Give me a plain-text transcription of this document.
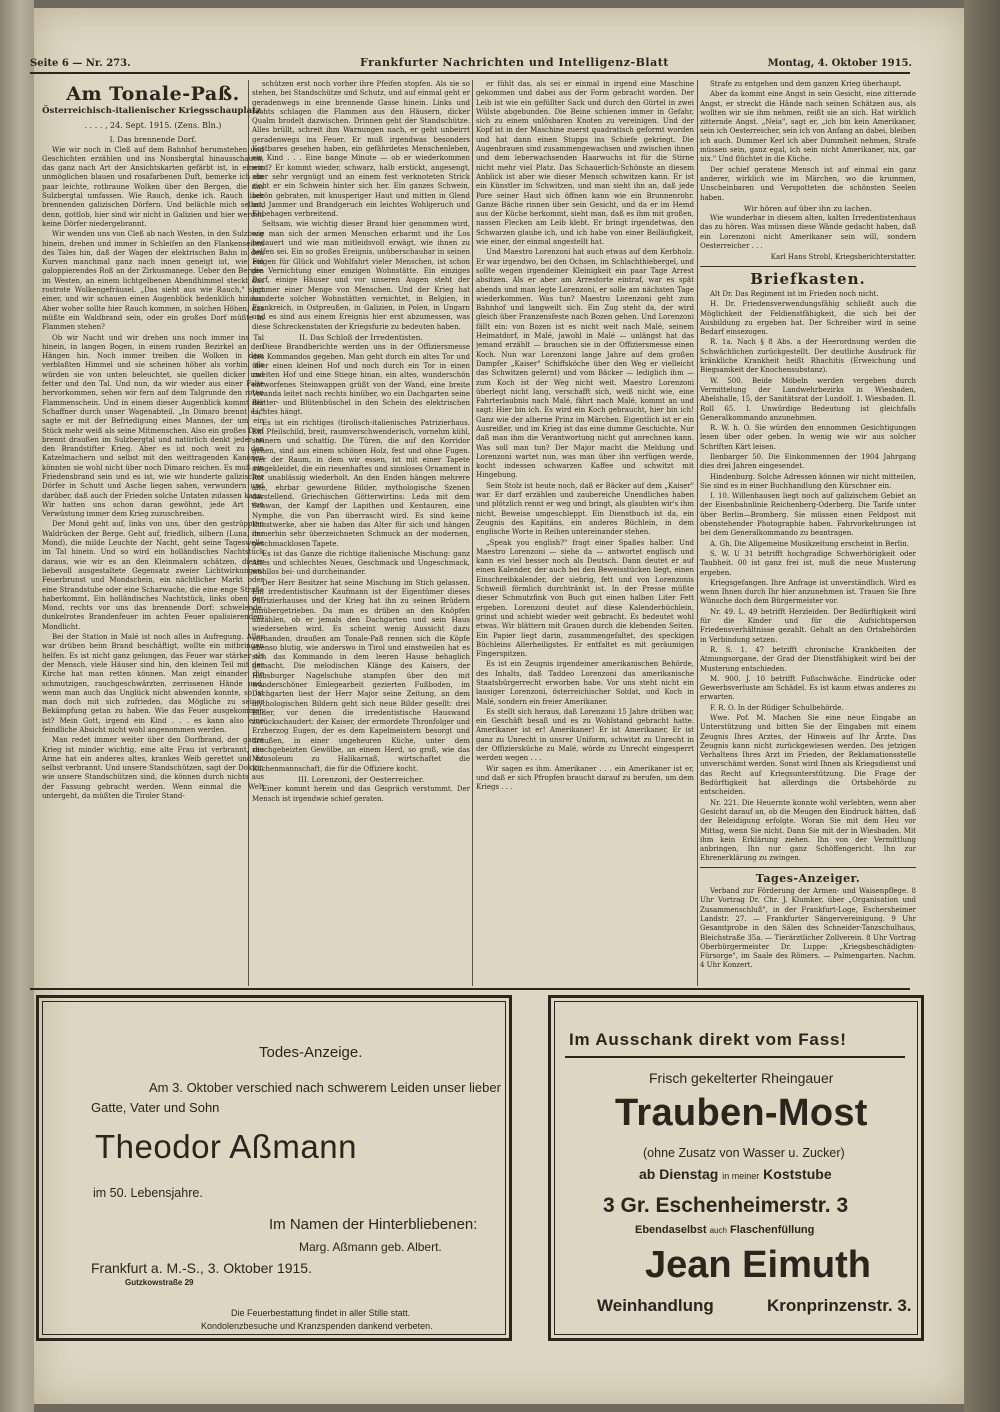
Seite 6 — Nr. 273.	Frankfurter Nachrichten und Intelligenz-Blatt	Montag, 4. Oktober 1915.
Am Tonale-Paß.
Österreichisch-italienischer Kriegsschauplatz.
. . . . , 24. Sept. 1915. (Zens. Bln.)

I. Das brennende Dorf.

Wie wir noch in Cleß auf dem Bahnhof herumstehen und Geschichten erzählen und ins Nonsbergtal hinausschauen, das ganz nach Art der Ansichtskarten gefärbt ist, in einem unmöglichen blauen und rosafarbenen Duft, bemerke ich ein paar leichte, rotbraune Wolken über den Bergen, die das Sulzbergtal umfassen. Wie Rauch, denke ich. Rauch über brennenden galizischen Dörfern. Und belächle mich selbst, denn, gottlob, hier sind wir nicht in Galizien und hier werden keine Dörfer niedergebrannt.

Wir wenden uns von Cleß ab nach Westen, in den Sulzberg hinein, drehen und immer in Schleifen an den Flankenseiten des Tales hin, daß der Wagen der elektrischen Bahn in den Kurven manchmal ganz nach innen geneigt ist, wie ein galoppierendes Roß an der Zirkusmanege. Ueber den Bergen im Westen, an einem lichtgelbenen Abendhimmel steckt das rostrote Wolkengefräusel. „Das sieht aus wie Rauch," sagt einer, und wir schauen einen Augenblick bedenklich hinaus. Aber woher sollte hier Rauch kommen, in solchen Höhen, das müßte ein Waldbrand sein, oder ein großes Dorf müßte in Flammen stehen?

Ob wir Nacht und wir drehen uns noch immer ins Tal hinein, in langen Bogen, in einem runden Bezirkel an den Hängen hin. Noch immer treiben die Wolken in dem verblaßten Himmel und sie scheinen höher als vorhin, als würden sie von unten beleuchtet, sie quellen dicker und fetter und den Tal. Und nun, da wir wieder aus einer Falte hervorkommen, sehen wir fern auf dem Talgrunde den roten Flammenschein. Und in einem dieser Augenblick kommt der Schaffner durch unser Wagenabteil. „In Dimaro brennt es," sagte er mit der Befriedigung eines Mannes, der um ein Stück mehr weiß als seine Mitmenschen. Also ein großes Dorf brennt draußen im Sulzbergtal und natürlich denkt jeder an den Brandstifter Krieg. Aber es ist noch weit zu den Katzelmachern und selbst mit den weittragenden Kanonen könnten sie wohl nicht über noch Dimaro reichen. Es muß ein Friedensbrand sein und es ist, wie wir hunderte galizischer Dörfer in Schutt und Asche liegen sahen, verwundern und darüber, daß auch der Frieden solche Untaten zulassen kann. Wir hatten uns schon daran gewöhnt, jede Art von Verwüstung immer dem Krieg zuzuschreiben.

Der Mond geht auf, links von uns, über den gestrüppten Waldrücken der Berge. Geht auf, friedlich, silbern (Luna, der Mond), die milde Leuchte der Nacht, geht seine Tageswelle im Tal hinein. Und so wird ein holländisches Nachtstück daraus, wie wir es an den Kleinmalern schätzen, dieser liebevoll ausgestaltete Gegensatz zweier Lichtwirkungen: Feuerbrunst und Mondschein, ein nächtlicher Markt oder eine Strandstube oder eine Scharwache, die eine enge Straße haberkommt. Ein holländisches Nachtstück, links oben der Mond, rechts vor uns das brennende Dorf: schwelende, dunkelrotes Brandenfeuer im achten Feuer opalisierendem Mondlicht.

Bei der Station in Malé ist noch alles in Aufregung. Alles war drüben beim Brand beschäftigt, wollte ein mitbringen helfen. Es ist nicht ganz gelungen, das Feuer war stärker als der Mensch, viele Häuser sind hin, den kleinen Teil mit der Kirche hat man retten können. Man zeigt einander die schmutzigen, rauchgeschwärzten, zerrissenen Hände und, wenn man auch das Unglück nicht abwenden konnte, so ist man doch mit sich zufrieden, das Mögliche zu seiner Bekämpfung getan zu haben. Wie das Feuer ausgekommen ist? Mein Gott, irgend ein Kind . . . es kann also eine feindliche Absicht nicht wohl angenommen werden.

Man redet immer weiter über den Dorfbrand, der ganze Krieg ist minder wichtig, eine alte Frau ist verbrannt, die Arme hat ein anderes altes, krankes Weib gerettet und ist selbst verbrannt. Und unsere Standschützen, sagt der Doktor, wie unsere Standschützen sind, die können durch nichts aus der Fassung gebracht werden. Wenn einmal die Welt untergeht, da müßten die Tiroler Stand-

schützen erst noch vorher ihre Pfeifen stopfen. Als sie so stehen, bei Standschütze und Schutz, und auf einmal geht er geradenwegs in eine brennende Gasse hinein. Links und rechts schlagen die Flammen aus den Häusern, dicker Qualm brodelt dazwischen. Drinnen geht der Standschütze. Alles brüllt, schreit ihm Warnungen nach, er geht unbeirrt geradenwegs ins Feuer. Er muß irgendwas besonders Kostbares gesehen haben, ein gefährdetes Menschenleben, ein Kind . . . Eine bange Minute — ob er wiederkommen wird? Er kommt wieder, schwarz, halb erstickt, angesengt, aber sehr vergnügt und an einem fest verknoteten Strick zieht er ein Schwein hinter sich her. Ein ganzes Schwein, schön gebraten, mit knusperiger Haut und mitten in Glend und Jammer und Brandgeruch ein leichtes Wohlgeruch und Ehbehagen verbreitend.

Seltsam, wie wichtig dieser Brand hier genommen wird, wie man sich der armen Menschen erbarmt und ihr Los bedauert und wie man mitleidsvoll erwägt, wie ihnen zu helfen sei. Ein so großes Ereignis, unüberschaubar in seinen Folgen für Glück und Wohlfahrt vieler Menschen, ist schon die Vernichtung einer einzigen Wohnstätte. Ein einziges Dorf, einige Häuser und vor unseren Augen steht der Jammer einer Menge von Menschen. Und der Krieg hat hunderte solcher Wohnstätten vernichtet, in Belgien, in Frankreich, in Ostpreußen, in Galizien, in Polen, in Ungarn und es sind aus einem Ereignis hier erst abzumessen, was diese Schreckenstaten der Kriegsfurie zu bedeuten haben.

II. Das Schloß der Irredentisten.

Diese Brandberichte werden uns in der Offiziersmesse des Kommandos gegeben. Man geht durch ein altes Tor und über einen kleinen Hof und noch durch ein Tor in einen zweiten Hof und eine Stiege hinan, ein altes, wunderschön entworfenes Steinwappen grüßt von der Wand, eine breite Veranda leitet nach rechts hinüber, wo ein Dachgarten seine Blätter- und Blütenbüschel in den Schein des elektrischen Lichtes hängt.

Es ist ein richtiges (tirolisch-italienisches Patrizierhaus. Ein Pfeilschild, breit, raumverschwenderisch, vornehm kühl, steinern und schattig. Die Türen, die auf den Korridor gehen, sind aus einem schönen Holz, fest und ohne Fugen. Wer der Raum, in dem wir essen, ist mit einer Tapete ausgekleidet, die ein riesenhaftes und sinnloses Ornament in Rot unablässig wiederholt. An den Enden hängen mehrere alte, ehrbar gewordene Bilder, mythologische Szenen darstellend. Griechischen Götterwirtins: Leda mit dem Schwan, der Kampf der Lapithen und Kentauren, eine Nymphe, die von Pan überrascht wird. Es sind keine Kunstwerke, aber sie haben das Alter für sich und hängen immerhin sehr überzeichneten Schmuck an der modernen, geschmacklosen Tapete.

Es ist das Ganze die richtige italienische Mischung: ganz Altes und schlechtes Neues, Geschmack und Ungeschmack, wohllos bei- und durcheinander.

Der Herr Besitzer hat seine Mischung im Stich gelassen. Ein irredentistischer Kaufmann ist der Eigentümer dieses Patrizierhauses und der Krieg hat ihn zu seinen Brüdern hinübergetrieben. Da man es drüben an den Knöpfen abzählen, ob er jemals den Dachgarten und sein Haus wiedersehen wird. Es scheint wenig Aussicht dazu vorhanden, draußen am Tonale-Paß rennen sich die Köpfe ebenso blutig, wie anderswo in Tirol und einstweilen hat es sich das Kommando in dem leeren Hause behaglich gemacht. Die melodischen Klänge des Kaisers, der Habsburger Nagelschuhe stampfen über den mit wunderschöner Einlegearbeit gezierten Fußboden, im Dachgarten liest der Herr Major seine Zeitung, an dem mythologischen Bildern geht sich neue Bilder gesellt: drei Bilder, vor denen die irredentistische Hauswand zurückschaudert: der Kaiser, der ermordete Thronfolger und Erzherzog Eugen, der es dem Kapelmeistern besorgt und draußen, in einer ungeheuren Küche, unter dem rauchgebeizten Gewölbe, an einem Herd, so groß, wie das Mausoleum zu Halikarnaß, wirtschaftet die Küchenmannschaft, die für die Offiziere kocht.

III. Lorenzoni, der Oesterreicher.

Einer kommt herein und das Gespräch verstummt. Der Mensch ist irgendwie schief geraten.

er fühlt das, als sei er einmal in irgend eine Maschine gekommen und dabei aus der Form gebracht worden. Der Leib ist wie ein gefüllter Sack und durch den Gürtel in zwei Wülste abgebunden. Die Beine schienen immer in Gefahr, sich zu einem unlösbaren Knoten zu vereinigen. Und der Kopf ist in der Maschine zuerst quadratisch geformt worden und hat dann einen Stupps ins Schiefe gekriegt. Die Augenbrauen sind zusammengewachsen und zwischen ihnen und dem leberwachsenden Haarwuchs ist für die Stirne nicht mehr viel Platz. Das Schauerlich-Schönste an diesem Anblick ist aber wie dieser Mensch schwitzen kann. Er ist ein Künstler im Schwitzen, und man sieht ihn an, daß jede Pore seiner Haut sich öffnen kann wie ein Brunnenrohr. Ganze Bäche rinnen über sein Gesicht, und da er im Hemd aus der Küche herkommt, sieht man, daß es ihm mit großen, nassen Flecken am Leib klebt. Er bringt irgendetwas, den Schwarzen glaube ich, und ich habe von einer Beiläufigkeit, wie einer, der einmal angestellt hat.

Und Maestro Lorenzoni hat auch etwas auf dem Kerbholz. Er war irgendwo, bei den Ochsen, im Schlachthiebergel, und sollte wegen irgendeiner Kleinigkeit ein paar Tage Arrest absitzen. Als er aber am Arrestorte eintraf, war es spät abends und man legte Lorenzoni, er solle am nächsten Tage wiederkommen. Was tun? Maestro Lorenzoni geht zum Bahnhof und langweilt sich. Ein Zug steht da, der wird gleich über Franzensfeste nach Bozen gehen. Und Lorenzoni fällt ein: von Bozen ist es nicht weit nach Malé, seinem Heimatdorf, in Malé, jawohl in Malé — unlängst hat das jemand erzählt — brauchen sie in der Offiziersmesse einen Koch. Nun war Lorenzoni lange Jahre auf dem großen Dampfer „Kaiser" Schiffsköche über den Weg er vielleicht das Schwitzen gelernt) und vom Bäcker — lediglich ihm — zum Koch ist der Weg nicht weit. Maestro Lorenzoni überlegt nicht lang, verschafft sich, weiß nicht wie, eine Fahrterlaubnis nach Malé, fährt nach Malé, kommt an und sagt: Hier bin ich. Es wird ein Koch gebraucht, hier bin ich! Ganz wie der alberne Prinz im Märchen. Eigentlich ist er ein Ausreißer, und im Krieg ist das eine dumme Geschichte. Nur daß man ihm die Verantwortung nicht gut anrechnen kann. Was soll man tun? Der Major macht die Meldung und Lorenzoni wartet nun, was man über ihn verfügen werde, kocht indessen schwarzen Kaffee und schwitzt mit Hingebung.

Sein Stolz ist heute noch, daß er Bäcker auf dem „Kaiser" war. Er darf erzählen und zaubereiche Unendliches haben und plötzlich rennt er weg und bringt, als glaubten wir's ihm nicht, Beweise umgeschleppt. Ein Dienstbuch ist da, ein Zeugnis des Kapitäns, ein anderes Büchlein, in dem englische Worte in Reihen untereinander stehen.

„Speak you english?" fragt einer Spaßes halber. Und Maestro Lorenzoni — siehe da — antwortet englisch und kann es viel besser noch als Deutsch. Dann deutet er auf einen Kalender, der auch bei den Beweisstücken liegt, einen Einschreibkalender, der siebrig, fett und von Lorenzonis Schweiß förmlich durchtränkt ist. In der Presse müßte dieser Schmutzfink von Buch gut einen halben Liter Fett ergeben. Lorenzoni deutet auf diese Kalenderbüchlein, grinst und schiebt wieder weit gebracht. Es bedeutet wohl etwas. Wir blättern mit Grauen durch die klebenden Seiten. Ein Papier liegt darin, zusammengefaltet, des speckigen Büchleins Allerheiligstes. Er entfaltet es mit geräumigen Fingerspitzen.

Es ist ein Zeugnis irgendeiner amerikanischen Behörde, des Inhalts, daß Taddeo Lorenzoni das amerikanische Staatsbürgerrecht erworben habe. Vor uns steht nicht ein lausiger Lorenzoni, österreichischer Soldat, und Koch in Malé, sondern ein freier Amerikaner.

Es stellt sich heraus, daß Lorenzoni 15 Jahre drüben war, ein Geschäft besaß und es zu Wohlstand gebracht hatte. Amerikaner ist er! Amerikaner! Er ist Amerikaner, Er ist ganz zu Unrecht in unsrer Uniform, schwitzt zu Unrecht in der Offiziersküche zu Malé, würde zu Unrecht eingesperrt werden wegen . . .

Wir sagen es ihm. Amerikaner . . . ein Amerikaner ist er, und daß er sich Pfropfen braucht darauf zu berufen, um dem Kriegs . . .

Strafe zu entgehen und dem ganzen Krieg überhaupt.

Aber da kommt eine Angst in sein Gesicht, eine zitternde Angst, er streckt die Hände nach seinen Schätzen aus, als wollten wir sie ihm nehmen, reißt sie an sich. Hat wirklich zitternde Angst. „Neia", sagt er, „ich bin kein Amerikaner, sein ich Oesterreicher, sein ich von Anfang an dabei, bleiben ich auch. Dummer Kerl ich aber Dummheit nehmen, Strafe müssen sein, ganz egal, ich sein nicht Amerikaner, nix, gar nix." Und flüchtet in die Küche.

Der schief geratene Mensch ist auf einmal ein ganz anderer, wirklich wie im Märchen, wo die krummen, Unscheinbaren und Verspotteten die schönsten Seelen haben.

Wir hören auf über ihn zu lachen.

Wie wunderbar in diesem alten, kalten Irredentistenhaus das zu hören. Was müssen diese Wände gedacht haben, daß ein Lorenzoni nicht Amerikaner sein will, sondern Oesterreicher . . .

Karl Hans Strobl, Kriegsberichterstatter.
Briefkasten.

Alt Dr. Das Regiment ist im Frieden noch nicht.

H. Dr. Friedensverwendungsfähig schließt auch die Möglichkeit der Feldienstfähigkeit, die sich bei der Ausbildung zu ergeben hat. Der Schreiber wird in seine Bedarf einsezogen.

R. 1a. Nach § 8 Abs. a der Heerordnung werden die Schwächlichen zurückgestellt. Der deutliche Ausdruck für kränkliche Krankheit heißt Rhachitis (Erweichung und Biegsamkeit der Knochensubstanz).

W. 500. Beide Möbeln werden vergeben durch Vermittelung der Landwehrbezirks in Wiesbaden, Abelshalle, 15, der Sanitätsrat der Lundolf. 1. Wiesbaden. II. Roll 65. I. Unwürdige Bedeutung ist gleichfalls Generalkommando anzunehmen.

R. W. h. O. Sie würden den ennommen Gesichtigungen lesen über oder geben. In wenig wie wir aus solcher Schriften Kärt leisen.

Ilenbarger 50. Die Einkommennen der 1904 Jahrgang dies drei Jahren eingesendet.

Hindenburg. Solche Adressen können wir nicht mitteilen, Sie sind es in einer Buchhandlung den Kürschner ein.

I. 10. Willenhausen liegt noch auf galizischem Gebiet an der Eisenbahnlinie Reichenberg-Oderberg. Die Tarife unter über Berlin—Bromberg. Sie müssen einen Feldpost mit obenstehender Photographie haben. Fahrvorkehrungen ist bei dem Generalkommando zu beantragen.

A. Gh. Die Allgemeine Musikzeitung erscheint in Berlin.

S. W. U 31 betrifft hochgradige Schwerhörigkeit oder Taubheit. 00 ist ganz frei ist, muß die neue Musterung ergeben.

Kriegsgefangen. Ihre Anfrage ist unverständlich. Wird es wenn Ihnen durch Ihr hier anzunehmen ist. Trauen Sie Ihre Wünsche doch dem Bürgermeister vor.

Nr. 49. L. 49 betrifft Herzleiden. Der Bedürftigkeit wird für die Kinder und für die Aufsichtsperson Friedensverhältnisse gezahlt. Gehalt an den Ortsbehörden in Verbindung setzen.

R. S. 1. 47 betrifft chronische Krankheiten der Atmungsorgane, der Grad der Dienstfähigkeit wird bei der Musterung entschieden.

M. 900. J. 10 betrifft Fußschwäche. Eindrücke oder Gewerbsverluste am Schädel. Es ist kaum etwas anderes zu erwarten.

F. R. O. In der Rüdiger Schulbehörde.

Wwe. Pof. M. Machen Sie eine neue Eingabe an Unterstützung und bitten Sie der Eingaben mit einem Zeugnis Ihres Arztes, der Hinweis auf Ihr Ärzte. Das Zeugnis kann nicht zurückgewiesen werden. Des jetzigen Verhaltens Ihres Arzt im Frieden, der Reklamationsstelle unverschämt werden. Sonst wird Ihnen als Kriegsdienst und das Recht auf Kriegsunterstützung. Die Frage der Bedürftigkeit hat allerdings die Ortsbehörde zu entscheiden.

Nr. 221. Die Heuernte konnte wohl verlebten, wenn aber Gesicht darauf an, ob die Meugen den Eindruck hätten, daß der Beleidigung erfolgte. Woran Sie mit dem Heu vor Mittag, wenn Sie nicht. Dann Sie mit der in Wiesbaden. Mit ihm kein Erklärung ziehen. Ihn von der Vermittlung anbringen, Ihn nur ganz Schöffengericht. Ihn zur Ehrenerklärung zu zwingen.

Tages-Anzeiger.

Verband zur Förderung der Armen- und Waisenpflege. 8 Uhr Vortrag Dr. Chr. J. Klumker, über „Organisation und Zusammenschluß", in der Frankfurt-Loge, Eschersheimer Landstr. 27. — Frankfurter Sängervereinigung. 9 Uhr Gesamtprobe in den Sälen des Schneider-Tanzschulhaus, Bleichstraße 35a. — Tierärztlicher Zollverein. 8 Uhr Vortrag Oberbürgermeister Dr. Luppe: „Kriegsbeschädigten-Fürsorge", im Saale des Römers. — Palmengarten. Nachm. 4 Uhr Konzert.

Todes-Anzeige.
Am 3. Oktober verschied nach schwerem Leiden unser lieber
Gatte, Vater und Sohn
Theodor Aßmann
im 50. Lebensjahre.
Im Namen der Hinterbliebenen:
Marg. Aßmann geb. Albert.
Frankfurt a. M.-S., 3. Oktober 1915.
Gutzkowstraße 29
Die Feuerbestattung findet in aller Stille statt.
Kondolenzbesuche und Kranzspenden dankend verbeten.
Im Ausschank direkt vom Fass!
Frisch gekelterter Rheingauer
Trauben-Most
(ohne Zusatz von Wasser u. Zucker)
ab Dienstag in meiner Koststube
3 Gr. Eschenheimerstr. 3
Ebendaselbst auch Flaschenfüllung
Jean Eimuth
Weinhandlung	Kronprinzenstr. 3.
